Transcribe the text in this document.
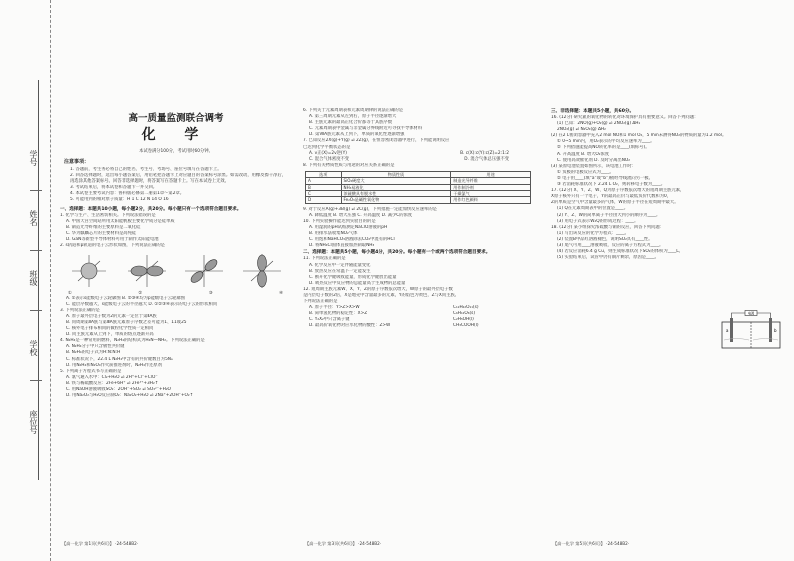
学号
姓名
班级
学校
座位号
高一质量监测联合调考
化 学
本试卷满分100分，考试用时60分钟。
注意事项：
1. 答题前，考生务必将自己的姓名、考生号、考场号、座位号填写在答题卡上。
2. 回答选择题时，选出每小题答案后，用铅笔把答题卡上对应题目的答案标号涂黑。如需改动，用橡皮擦干净后，再选涂其他答案标号。回答非选择题时，将答案写在答题卡上。写在本试卷上无效。
3. 考试结束后，将本试卷和答题卡一并交回。
4. 本试卷主要考试内容：鲁科版必修第二册第1章～第2章。
5. 可能用到的相对原子质量：H 1 C 12 N 14 O 16
一、选择题：本题共10小题，每小题2分，共20分。每小题只有一个选项符合题目要求。
1. 化学与生产、生活密切相关。下列说法错误的是
A. 中国天宫空间站所用太阳能帆板主要化学成分是硅单质
B. 制造光导纤维的主要原料是二氧化硅
C. 华为麒麟芯片的主要材料是高纯硅
D. GaN等新型半导体材料可用于制作太阳能电池
2. s轨道和p轨道的电子云形状如图，下列说法正确的是
①	②	③	④
A. ①表示s能级电子云轮廓图 B. ②③④均为p能级电子云轮廓图
C. 能层序数越大，s能级电子云的半径越大 D. ①②③④表示的电子云的形状相同
3. 下列说法正确的是
A. 原子最外层电子数为2的元素一定位于第ⅡA族
B. 同周期第ⅡA族与第ⅢA族元素原子序数之差可能为1、11或25
C. 核外电子排布相同的微粒化学性质一定相同
D. 同主族元素从上到下，单质的熔点逐渐升高
4. N₂H₄是一种常用的燃料，N₂H₄的结构式为H₂N—NH₂。下列说法正确的是
A. N₂H₄分子中只含极性共价键
B. N₂H₄的电子式为H:N:N:H
C. 标准状况下，22.4 L N₂H₄中含有的共价键数目为5Nₐ
D. 用N₂H₄和N₂O₄作火箭推进剂时，N₂H₄作还原剂
5. 下列离子方程式书写正确的是
A. 氯气通入水中：Cl₂+H₂O ⇌ 2H⁺+Cl⁻+ClO⁻
B. 铁与稀硫酸反应：2Fe+6H⁺ ⇌ 2Fe³⁺+3H₂↑
C. 用NaOH溶液吸收SO₂：2OH⁻+SO₂ ⇌ SO₃²⁻+H₂O
D. 用Na₂O₂与H₂O反应制O₂：Na₂O₂+H₂O ⇌ 2Na⁺+2OH⁻+O₂↑
【高一化学 第1页(共6页)】 ·24-548B2·
6. 下列关于元素周期表和元素周期律的说法正确的是
A. 第三周期元素从左到右，原子半径逐渐增大
B. 主族元素的最高正化合价都等于其族序数
C. 元素周期表中金属与非金属分界线附近可寻找半导体材料
D. 第ⅦA族元素从上到下，单质的氧化性逐渐增强
7. 已知反应2X(g)+Y(g) ⇌ 2Z(g)，在恒容密闭容器中进行，下列能说明反应
已达到化学平衡状态的是
A. v正(X)=2v逆(Y)	B. c(X):c(Y):c(Z)=2:1:2
C. 混合气体密度不变	D. 混合气体总压强不变
8. 下列有关物质性质与用途的对应关系正确的是
选项	物质性质	用途
A	SiO₂硬度大	制造光导纤维
B	NH₃易液化	用作制冷剂
C	浓硫酸具有脱水性	干燥氯气
D	Fe₂O₃是碱性氧化物	用作红色颜料
9. 对于反应A(g)+3B(g) ⇌ 2C(g)，下列措施一定能加快反应速率的是
A. 降低温度 B. 增大压强 C. 升高温度 D. 减少C的浓度
10. 下列实验操作能达到实验目的的是
A. 用湿润的pH试纸测定NaClO溶液的pH
B. 用排水法收集NO₂气体
C. 用饱和NaHCO₃溶液除去CO₂中混有的HCl
D. 将NH₄Cl固体直接加热制取NH₃
二、选择题：本题共5小题，每小题4分，共20分。每小题有一个或两个选项符合题目要求。
11. 下列说法正确的是
A. 化学反应中一定伴随能量变化
B. 放热反应在常温下一定能发生
C. 断开化学键吸收能量，形成化学键放出能量
D. 吸热反应中反应物的总能量高于生成物的总能量
12. 短周期主族元素W、X、Y、Z的原子序数依次增大，W原子的最外层电子数
是内层电子数的2倍，X是地壳中含量最多的元素，Y的焰色为黄色，Z与X同主族。
下列说法正确的是
A. 原子半径：Y>Z>X>W
B. 简单氢化物的稳定性：X>Z
C. Y₂X₂中只含离子键
D. 最高价氧化物对应水化物的酸性：Z>W
C₁₂H₂₂O₁₁(s)
C₆H₁₂O₆(s)
C₂H₅OH(l)
CH₃COOH(l)
【高一化学 第3页(共6页)】 ·24-548B2·
三、非选择题：本题共5小题，共60分。
16. (12分) 研究氮的氧化物的转化对环境保护具有重要意义。回答下列问题：
(1) 已知：2NO(g)+O₂(g) ⇌ 2NO₂(g) ΔH₁
2NO₂(g) ⇌ N₂O₄(g) ΔH₂
(2) 在2 L密闭容器中充入2 mol NO和1 mol O₂，5 min末测得NO₂的物质的量为1.2 mol。
① 0~5 min内，用O₂表示的平均反应速率为____。
② 下列措施能提高NO转化率的是____(填标号)。
A. 升高温度 B. 增大O₂浓度
C. 使用高效催化剂 D. 及时分离出NO₂
(3) 某原电池装置如图所示，该电池工作时：
① 负极的电极反应式为____。
② 电子由____(填“a”或“b”)极经导线流向另一极。
③ 若消耗标准状况下 2.24 L O₂，则转移电子数为____。
17. (12分) X、Y、Z、W、Q为原子序数依次增大的短周期主族元素，
X原子核外只有一个电子，Y的最高正价与最低负价代数和为0，
Z的单质是空气中含量最多的气体，W的原子半径在短周期中最大。
(1) Q在元素周期表中的位置是____。
(2) Y、Z、W的简单离子半径由大到小的顺序为____。
(3) 用电子式表示W₂Q的形成过程：____。
18. (12分) 某小组探究浓硫酸与铜的反应，回答下列问题：
(1) 写出该反应的化学方程式：____。
(2) 装置B中品红溶液褪色，说明SO₂具有____性。
(3) 尾气可用____溶液吸收，反应的离子方程式为____。
(4) 若反应消耗6.4 g Cu，则生成标准状况下SO₂的体积为____L。
(5) 实验结束后，试管中仍有铜片剩余，原因是____。
电源
a	b
【高一化学 第5页(共6页)】 ·24-548B2·
